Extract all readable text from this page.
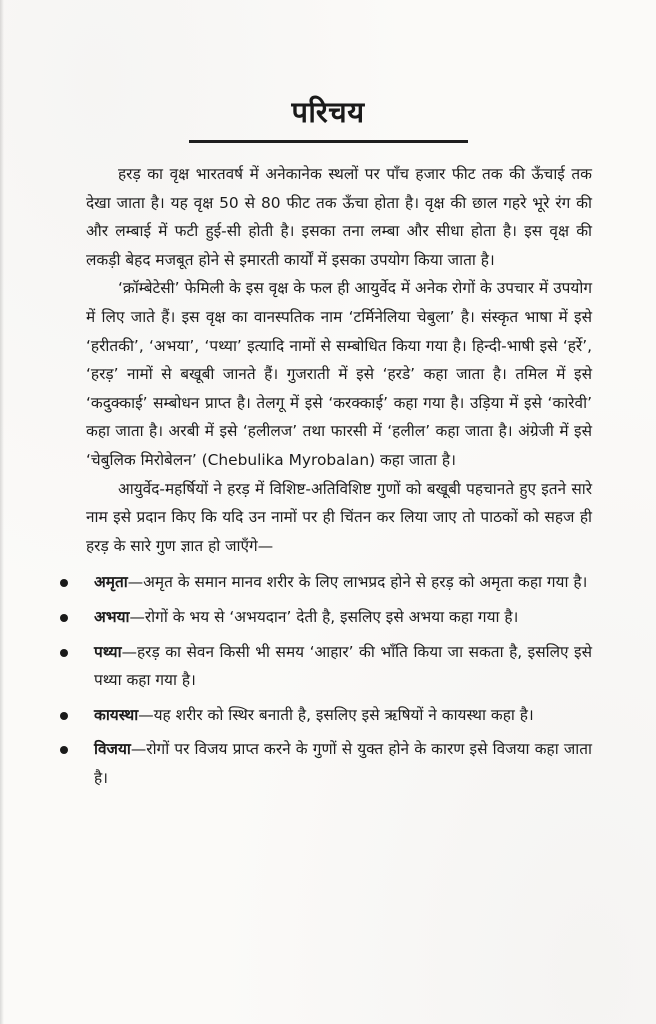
परिचय

हरड़ का वृक्ष भारतवर्ष में अनेकानेक स्थलों पर पाँच हजार फीट तक की ऊँचाई तक देखा जाता है। यह वृक्ष 50 से 80 फीट तक ऊँचा होता है। वृक्ष की छाल गहरे भूरे रंग की और लम्बाई में फटी हुई-सी होती है। इसका तना लम्बा और सीधा होता है। इस वृक्ष की लकड़ी बेहद मजबूत होने से इमारती कार्यों में इसका उपयोग किया जाता है।

‘क्रॉम्बेटेसी’ फेमिली के इस वृक्ष के फल ही आयुर्वेद में अनेक रोगों के उपचार में उपयोग में लिए जाते हैं। इस वृक्ष का वानस्पतिक नाम ‘टर्मिनेलिया चेबुला’ है। संस्कृत भाषा में इसे ‘हरीतकी’, ‘अभया’, ‘पथ्या’ इत्यादि नामों से सम्बोधित किया गया है। हिन्दी-भाषी इसे ‘हर्रे’, ‘हरड़’ नामों से बखूबी जानते हैं। गुजराती में इसे ‘हरडे’ कहा जाता है। तमिल में इसे ‘कदुक्काई’ सम्बोधन प्राप्त है। तेलगू में इसे ‘करक्काई’ कहा गया है। उड़िया में इसे ‘कारेवी’ कहा जाता है। अरबी में इसे ‘हलीलज’ तथा फारसी में ‘हलील’ कहा जाता है। अंग्रेजी में इसे ‘चेबुलिक मिरोबेलन’ (Chebulika Myrobalan) कहा जाता है।

आयुर्वेद-महर्षियों ने हरड़ में विशिष्ट-अतिविशिष्ट गुणों को बखूबी पहचानते हुए इतने सारे नाम इसे प्रदान किए कि यदि उन नामों पर ही चिंतन कर लिया जाए तो पाठकों को सहज ही हरड़ के सारे गुण ज्ञात हो जाएँगे—

अमृता—अमृत के समान मानव शरीर के लिए लाभप्रद होने से हरड़ को अमृता कहा गया है।
अभया—रोगों के भय से ‘अभयदान’ देती है, इसलिए इसे अभया कहा गया है।
पथ्या—हरड़ का सेवन किसी भी समय ‘आहार’ की भाँति किया जा सकता है, इसलिए इसे पथ्या कहा गया है।
कायस्था—यह शरीर को स्थिर बनाती है, इसलिए इसे ऋषियों ने कायस्था कहा है।
विजया—रोगों पर विजय प्राप्त करने के गुणों से युक्त होने के कारण इसे विजया कहा जाता है।
